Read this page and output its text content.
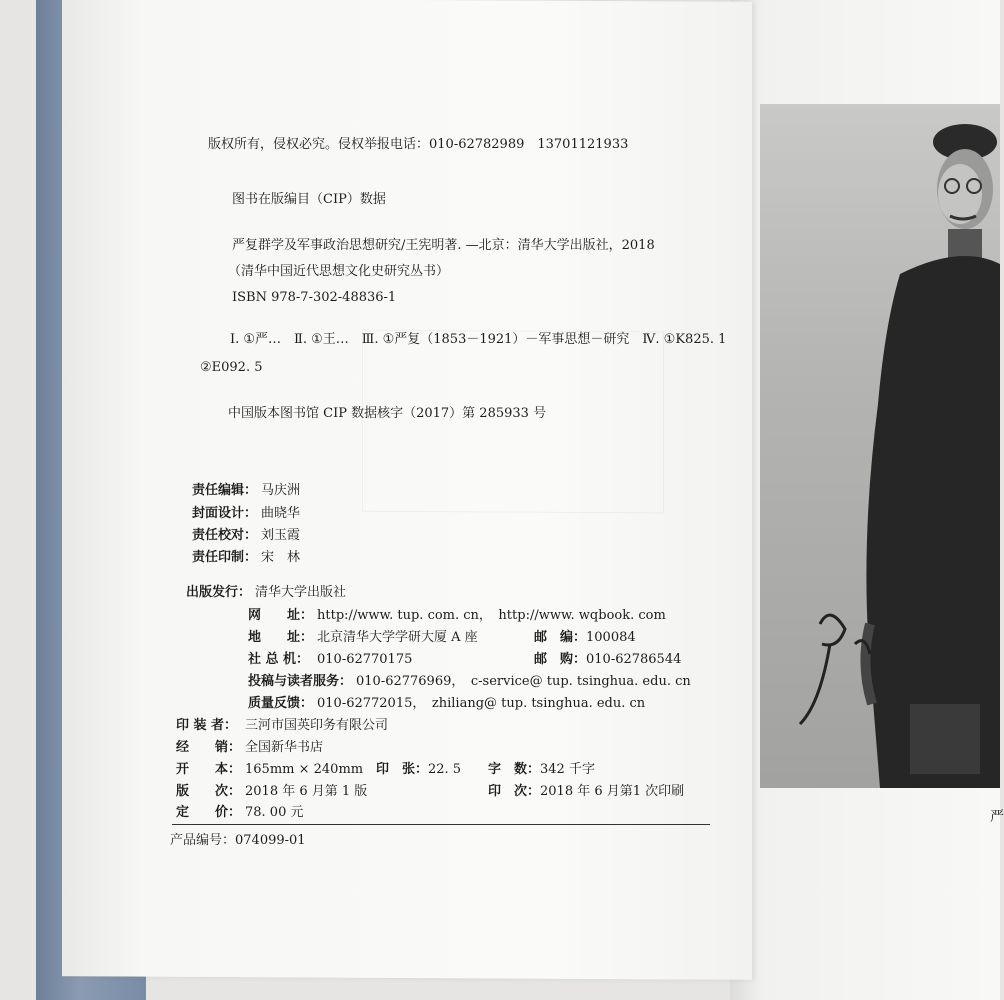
严
版权所有，侵权必究。侵权举报电话：010-62782989　13701121933
图书在版编目（CIP）数据
严复群学及军事政治思想研究/王宪明著. —北京：清华大学出版社，2018
（清华中国近代思想文化史研究丛书）
ISBN 978-7-302-48836-1
Ⅰ. ①严…　Ⅱ. ①王…　Ⅲ. ①严复（1853－1921）－军事思想－研究　Ⅳ. ①K825. 1
②E092. 5
中国版本图书馆 CIP 数据核字（2017）第 285933 号
责任编辑： 马庆洲
封面设计： 曲晓华
责任校对： 刘玉霞
责任印制： 宋　林
出版发行： 清华大学出版社
网　　址： http://www. tup. com. cn，　http://www. wqbook. com
地　　址： 北京清华大学学研大厦 A 座	邮　编： 100084
社 总 机： 010-62770175	邮　购： 010-62786544
投稿与读者服务： 010-62776969，　c-service@ tup. tsinghua. edu. cn
质量反馈： 010-62772015，　zhiliang@ tup. tsinghua. edu. cn
印 装 者： 三河市国英印务有限公司
经　　销： 全国新华书店
开　　本： 165mm × 240mm 印　张： 22. 5 字　数： 342 千字
版　　次： 2018 年 6 月第 1 版	印　次： 2018 年 6 月第1 次印刷
定　　价： 78. 00 元
产品编号：074099-01
